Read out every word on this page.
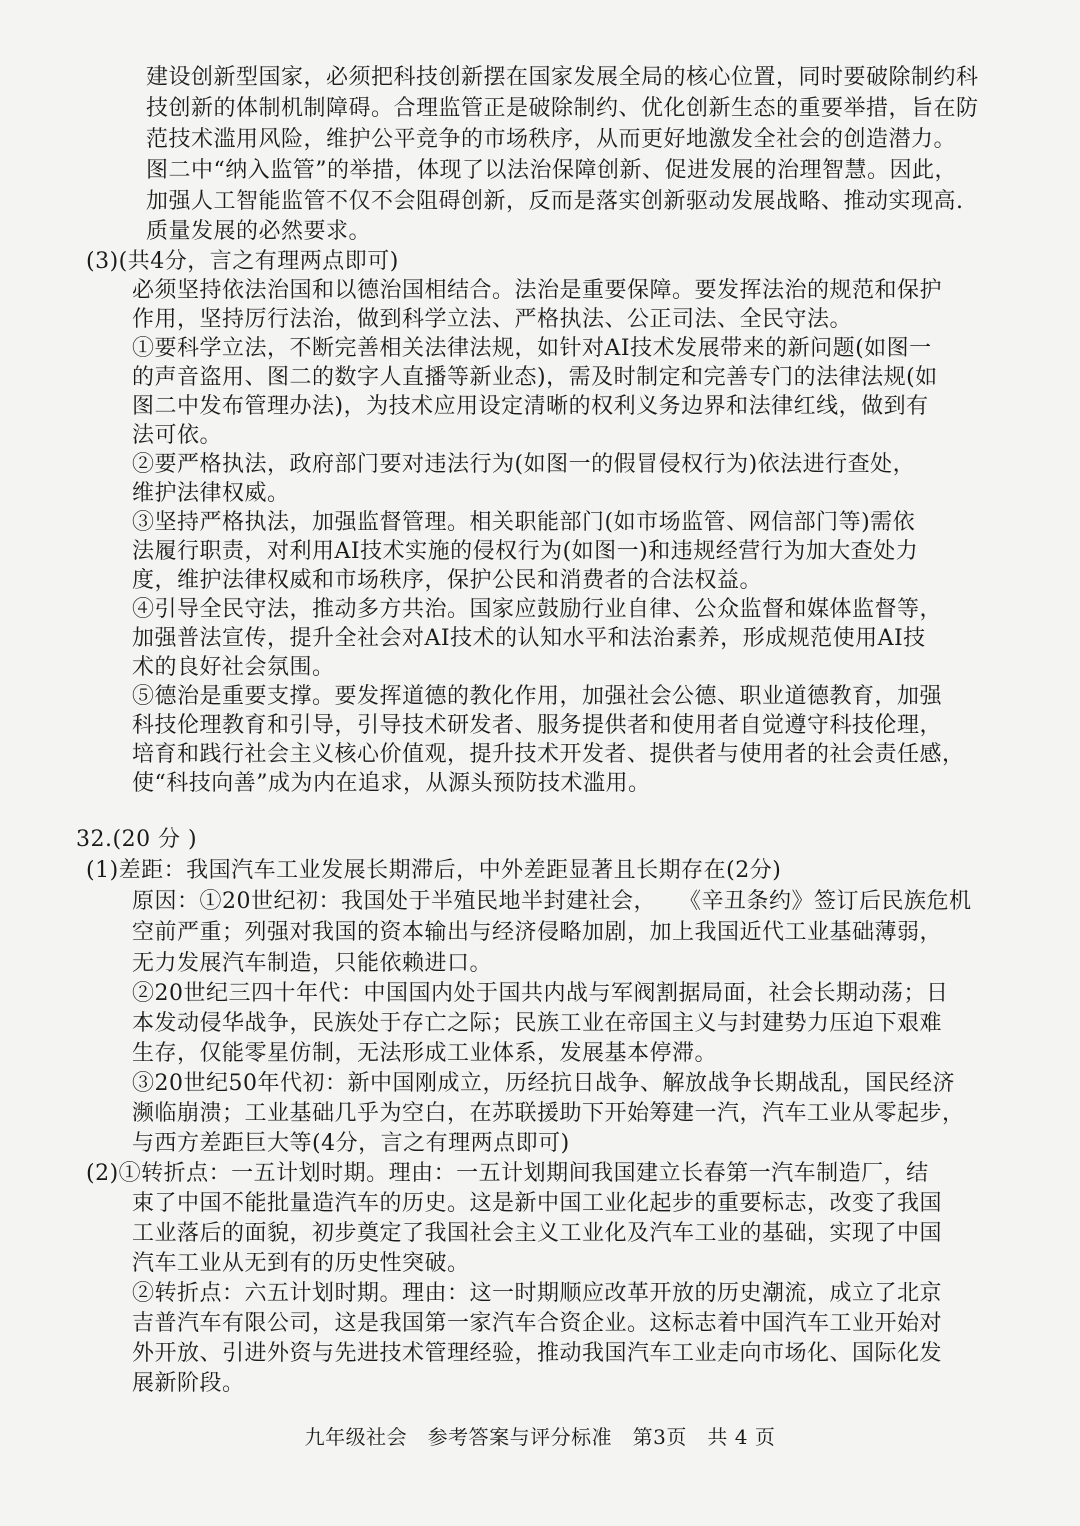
建设创新型国家，必须把科技创新摆在国家发展全局的核心位置，同时要破除制约科
技创新的体制机制障碍。合理监管正是破除制约、优化创新生态的重要举措，旨在防
范技术滥用风险，维护公平竞争的市场秩序，从而更好地激发全社会的创造潜力。
图二中“纳入监管”的举措，体现了以法治保障创新、促进发展的治理智慧。因此，
加强人工智能监管不仅不会阻碍创新，反而是落实创新驱动发展战略、推动实现高.
质量发展的必然要求。
(3)(共4分，言之有理两点即可)
必须坚持依法治国和以德治国相结合。法治是重要保障。要发挥法治的规范和保护
作用，坚持厉行法治，做到科学立法、严格执法、公正司法、全民守法。
①要科学立法，不断完善相关法律法规，如针对AI技术发展带来的新问题(如图一
的声音盗用、图二的数字人直播等新业态)，需及时制定和完善专门的法律法规(如
图二中发布管理办法)，为技术应用设定清晰的权利义务边界和法律红线，做到有
法可依。
②要严格执法，政府部门要对违法行为(如图一的假冒侵权行为)依法进行查处，
维护法律权威。
③坚持严格执法，加强监督管理。相关职能部门(如市场监管、网信部门等)需依
法履行职责，对利用AI技术实施的侵权行为(如图一)和违规经营行为加大查处力
度，维护法律权威和市场秩序，保护公民和消费者的合法权益。
④引导全民守法，推动多方共治。国家应鼓励行业自律、公众监督和媒体监督等，
加强普法宣传，提升全社会对AI技术的认知水平和法治素养，形成规范使用AI技
术的良好社会氛围。
⑤德治是重要支撑。要发挥道德的教化作用，加强社会公德、职业道德教育，加强
科技伦理教育和引导，引导技术研发者、服务提供者和使用者自觉遵守科技伦理，
培育和践行社会主义核心价值观，提升技术开发者、提供者与使用者的社会责任感，
使“科技向善”成为内在追求，从源头预防技术滥用。
32.(20 分 )
(1)差距：我国汽车工业发展长期滞后，中外差距显著且长期存在(2分)
原因：①20世纪初：我国处于半殖民地半封建社会，　　《辛丑条约》签订后民族危机
空前严重；列强对我国的资本输出与经济侵略加剧，加上我国近代工业基础薄弱，
无力发展汽车制造，只能依赖进口。
②20世纪三四十年代：中国国内处于国共内战与军阀割据局面，社会长期动荡；日
本发动侵华战争，民族处于存亡之际；民族工业在帝国主义与封建势力压迫下艰难
生存，仅能零星仿制，无法形成工业体系，发展基本停滞。
③20世纪50年代初：新中国刚成立，历经抗日战争、解放战争长期战乱，国民经济
濒临崩溃；工业基础几乎为空白，在苏联援助下开始筹建一汽，汽车工业从零起步，
与西方差距巨大等(4分，言之有理两点即可)
(2)①转折点：一五计划时期。理由：一五计划期间我国建立长春第一汽车制造厂，结
束了中国不能批量造汽车的历史。这是新中国工业化起步的重要标志，改变了我国
工业落后的面貌，初步奠定了我国社会主义工业化及汽车工业的基础，实现了中国
汽车工业从无到有的历史性突破。
②转折点：六五计划时期。理由：这一时期顺应改革开放的历史潮流，成立了北京
吉普汽车有限公司，这是我国第一家汽车合资企业。这标志着中国汽车工业开始对
外开放、引进外资与先进技术管理经验，推动我国汽车工业走向市场化、国际化发
展新阶段。
九年级社会　参考答案与评分标准　第3页　共 4 页
